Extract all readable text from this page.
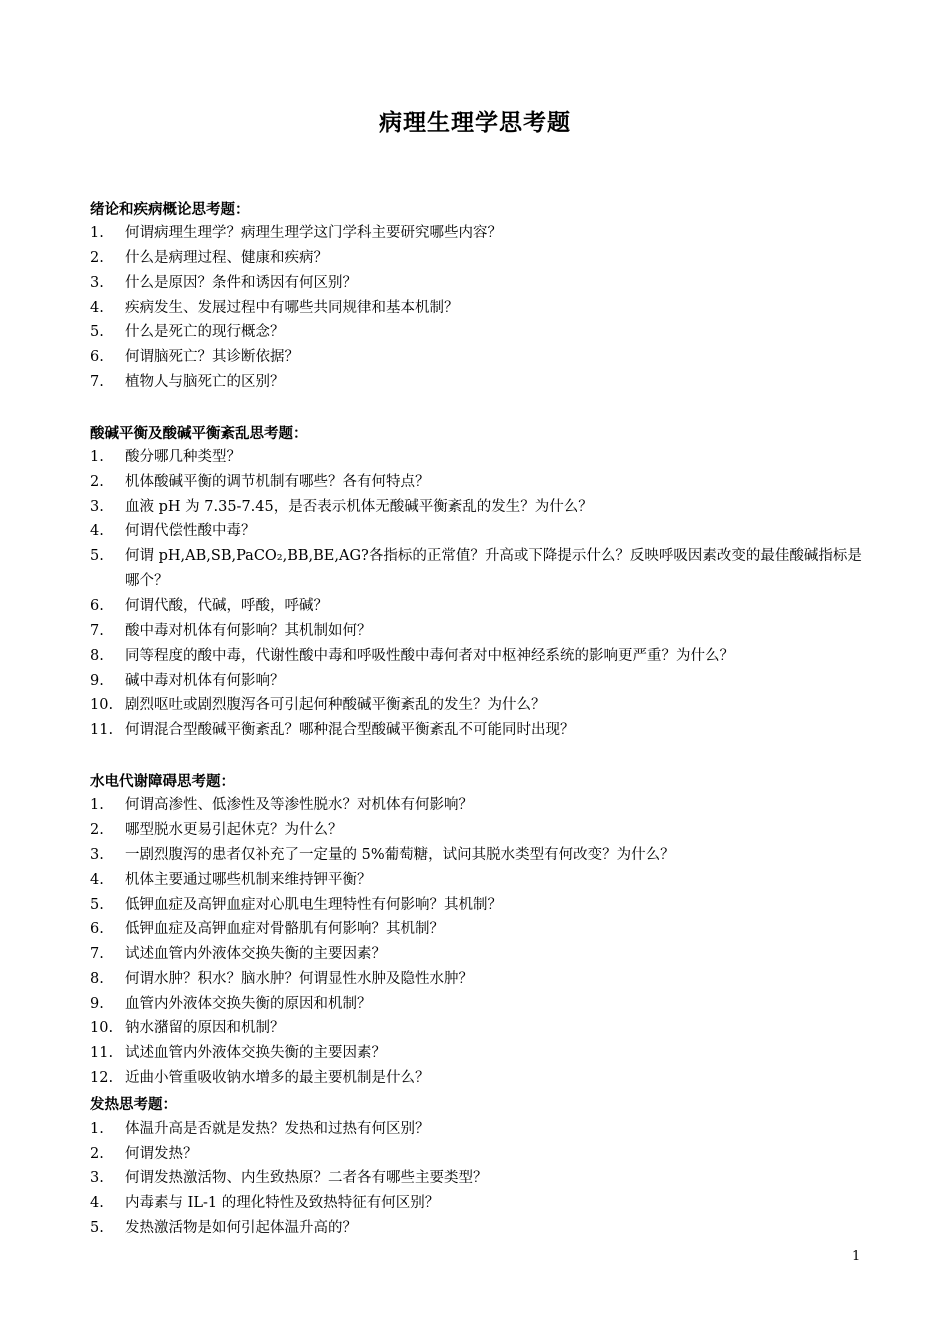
病理生理学思考题
绪论和疾病概论思考题：
1. 何谓病理生理学？病理生理学这门学科主要研究哪些内容？
2. 什么是病理过程、健康和疾病？
3. 什么是原因？条件和诱因有何区别？
4. 疾病发生、发展过程中有哪些共同规律和基本机制？
5. 什么是死亡的现行概念？
6. 何谓脑死亡？其诊断依据？
7. 植物人与脑死亡的区别？
酸碱平衡及酸碱平衡紊乱思考题：
1. 酸分哪几种类型？
2. 机体酸碱平衡的调节机制有哪些？各有何特点？
3. 血液 pH 为 7.35-7.45，是否表示机体无酸碱平衡紊乱的发生？为什么？
4. 何谓代偿性酸中毒？
5. 何谓 pH,AB,SB,PaCO₂,BB,BE,AG?各指标的正常值？升高或下降提示什么？反映呼吸因素改变的最佳酸碱指标是哪个？
6. 何谓代酸，代碱，呼酸，呼碱？
7. 酸中毒对机体有何影响？其机制如何？
8. 同等程度的酸中毒，代谢性酸中毒和呼吸性酸中毒何者对中枢神经系统的影响更严重？为什么？
9. 碱中毒对机体有何影响？
10. 剧烈呕吐或剧烈腹泻各可引起何种酸碱平衡紊乱的发生？为什么？
11. 何谓混合型酸碱平衡紊乱？哪种混合型酸碱平衡紊乱不可能同时出现？
水电代谢障碍思考题：
1. 何谓高渗性、低渗性及等渗性脱水？对机体有何影响？
2. 哪型脱水更易引起休克？为什么？
3. 一剧烈腹泻的患者仅补充了一定量的 5%葡萄糖，试问其脱水类型有何改变？为什么？
4. 机体主要通过哪些机制来维持钾平衡？
5. 低钾血症及高钾血症对心肌电生理特性有何影响？其机制？
6. 低钾血症及高钾血症对骨骼肌有何影响？其机制？
7. 试述血管内外液体交换失衡的主要因素？
8. 何谓水肿？积水？脑水肿？何谓显性水肿及隐性水肿？
9. 血管内外液体交换失衡的原因和机制？
10. 钠水潴留的原因和机制？
11. 试述血管内外液体交换失衡的主要因素？
12. 近曲小管重吸收钠水增多的最主要机制是什么？
发热思考题：
1. 体温升高是否就是发热？发热和过热有何区别？
2. 何谓发热？
3. 何谓发热激活物、内生致热原？二者各有哪些主要类型？
4. 内毒素与 IL-1 的理化特性及致热特征有何区别？
5. 发热激活物是如何引起体温升高的？
1
